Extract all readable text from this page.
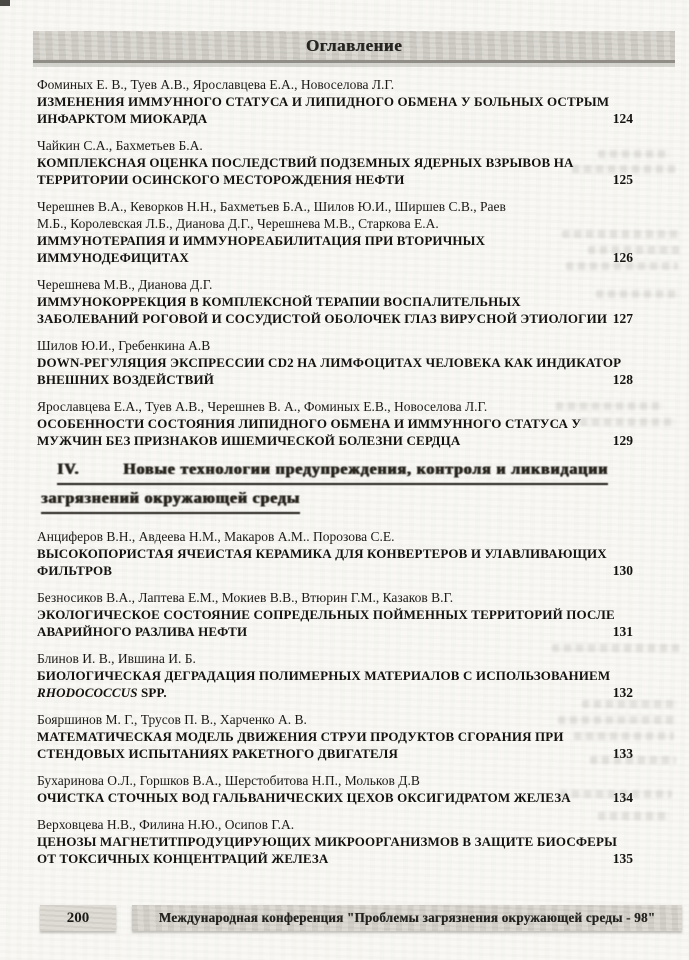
Оглавление
Фоминых Е. В., Туев А.В., Ярославцева Е.А., Новоселова Л.Г.
ИЗМЕНЕНИЯ ИММУННОГО СТАТУСА И ЛИПИДНОГО ОБМЕНА У БОЛЬНЫХ ОСТРЫМ
ИНФАРКТОМ МИОКАРДА	124
Чайкин С.А., Бахметьев Б.А.
КОМПЛЕКСНАЯ ОЦЕНКА ПОСЛЕДСТВИЙ ПОДЗЕМНЫХ ЯДЕРНЫХ ВЗРЫВОВ НА
ТЕРРИТОРИИ ОСИНСКОГО МЕСТОРОЖДЕНИЯ НЕФТИ	125
Черешнев В.А., Кеворков Н.Н., Бахметьев Б.А., Шилов Ю.И., Ширшев С.В., Раев
М.Б., Королевская Л.Б., Дианова Д.Г., Черешнева М.В., Старкова Е.А.
ИММУНОТЕРАПИЯ И ИММУНОРЕАБИЛИТАЦИЯ ПРИ ВТОРИЧНЫХ
ИММУНОДЕФИЦИТАХ	126
Черешнева М.В., Дианова Д.Г.
ИММУНОКОРРЕКЦИЯ В КОМПЛЕКСНОЙ ТЕРАПИИ ВОСПАЛИТЕЛЬНЫХ
ЗАБОЛЕВАНИЙ РОГОВОЙ И СОСУДИСТОЙ ОБОЛОЧЕК ГЛАЗ ВИРУСНОЙ ЭТИОЛОГИИ 127
Шилов Ю.И., Гребенкина А.В
DOWN-РЕГУЛЯЦИЯ ЭКСПРЕССИИ CD2 НА ЛИМФОЦИТАХ ЧЕЛОВЕКА КАК ИНДИКАТОР
ВНЕШНИХ ВОЗДЕЙСТВИЙ	128
Ярославцева Е.А., Туев А.В., Черешнев В. А., Фоминых Е.В., Новоселова Л.Г.
ОСОБЕННОСТИ СОСТОЯНИЯ ЛИПИДНОГО ОБМЕНА И ИММУННОГО СТАТУСА У
МУЖЧИН БЕЗ ПРИЗНАКОВ ИШЕМИЧЕСКОЙ БОЛЕЗНИ СЕРДЦА	129
IV.	Новые технологии предупреждения, контроля и ликвидации
загрязнений окружающей среды
Анциферов В.Н., Авдеева Н.М., Макаров А.М.. Порозова С.Е.
ВЫСОКОПОРИСТАЯ ЯЧЕИСТАЯ КЕРАМИКА ДЛЯ КОНВЕРТЕРОВ И УЛАВЛИВАЮЩИХ
ФИЛЬТРОВ	130
Безносиков В.А., Лаптева Е.М., Мокиев В.В., Втюрин Г.М., Казаков В.Г.
ЭКОЛОГИЧЕСКОЕ СОСТОЯНИЕ СОПРЕДЕЛЬНЫХ ПОЙМЕННЫХ ТЕРРИТОРИЙ ПОСЛЕ
АВАРИЙНОГО РАЗЛИВА НЕФТИ	131
Блинов И. В., Ившина И. Б.
БИОЛОГИЧЕСКАЯ ДЕГРАДАЦИЯ ПОЛИМЕРНЫХ МАТЕРИАЛОВ С ИСПОЛЬЗОВАНИЕМ
RHODOCOCCUS SPP.	132
Бояршинов М. Г., Трусов П. В., Харченко А. В.
МАТЕМАТИЧЕСКАЯ МОДЕЛЬ ДВИЖЕНИЯ СТРУИ ПРОДУКТОВ СГОРАНИЯ ПРИ
СТЕНДОВЫХ ИСПЫТАНИЯХ РАКЕТНОГО ДВИГАТЕЛЯ	133
Бухаринова О.Л., Горшков В.А., Шерстобитова Н.П., Мольков Д.В
ОЧИСТКА СТОЧНЫХ ВОД ГАЛЬВАНИЧЕСКИХ ЦЕХОВ ОКСИГИДРАТОМ ЖЕЛЕЗА	134
Верховцева Н.В., Филина Н.Ю., Осипов Г.А.
ЦЕНОЗЫ МАГНЕТИТПРОДУЦИРУЮЩИХ МИКРООРГАНИЗМОВ В ЗАЩИТЕ БИОСФЕРЫ
ОТ ТОКСИЧНЫХ КОНЦЕНТРАЦИЙ ЖЕЛЕЗА	135
200	Международная конференция "Проблемы загрязнения окружающей среды - 98"
